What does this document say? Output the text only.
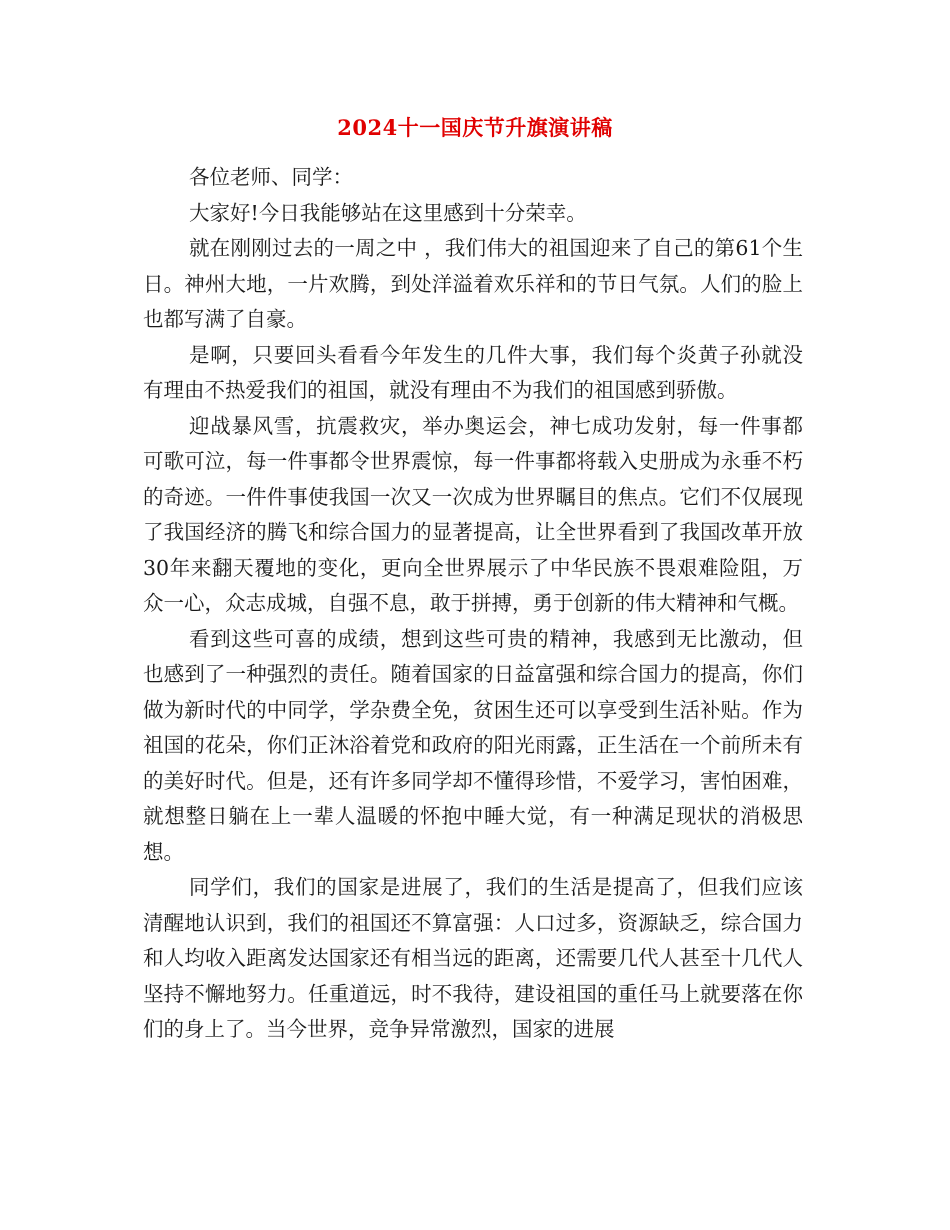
2024十一国庆节升旗演讲稿

各位老师、同学：

大家好!今日我能够站在这里感到十分荣幸。

就在刚刚过去的一周之中 ，我们伟大的祖国迎来了自己的第61个生日。神州大地，一片欢腾，到处洋溢着欢乐祥和的节日气氛。人们的脸上也都写满了自豪。

是啊，只要回头看看今年发生的几件大事，我们每个炎黄子孙就没有理由不热爱我们的祖国，就没有理由不为我们的祖国感到骄傲。

迎战暴风雪，抗震救灾，举办奥运会，神七成功发射，每一件事都可歌可泣，每一件事都令世界震惊，每一件事都将载入史册成为永垂不朽的奇迹。一件件事使我国一次又一次成为世界瞩目的焦点。它们不仅展现了我国经济的腾飞和综合国力的显著提高，让全世界看到了我国改革开放30年来翻天覆地的变化，更向全世界展示了中华民族不畏艰难险阻，万众一心，众志成城，自强不息，敢于拼搏，勇于创新的伟大精神和气概。

看到这些可喜的成绩，想到这些可贵的精神，我感到无比激动，但也感到了一种强烈的责任。随着国家的日益富强和综合国力的提高，你们做为新时代的中同学，学杂费全免，贫困生还可以享受到生活补贴。作为祖国的花朵，你们正沐浴着党和政府的阳光雨露，正生活在一个前所未有的美好时代。但是，还有许多同学却不懂得珍惜，不爱学习，害怕困难，就想整日躺在上一辈人温暖的怀抱中睡大觉，有一种满足现状的消极思想。

同学们，我们的国家是进展了，我们的生活是提高了，但我们应该清醒地认识到，我们的祖国还不算富强：人口过多，资源缺乏，综合国力和人均收入距离发达国家还有相当远的距离，还需要几代人甚至十几代人坚持不懈地努力。任重道远，时不我待，建设祖国的重任马上就要落在你们的身上了。当今世界，竞争异常激烈，国家的进展
